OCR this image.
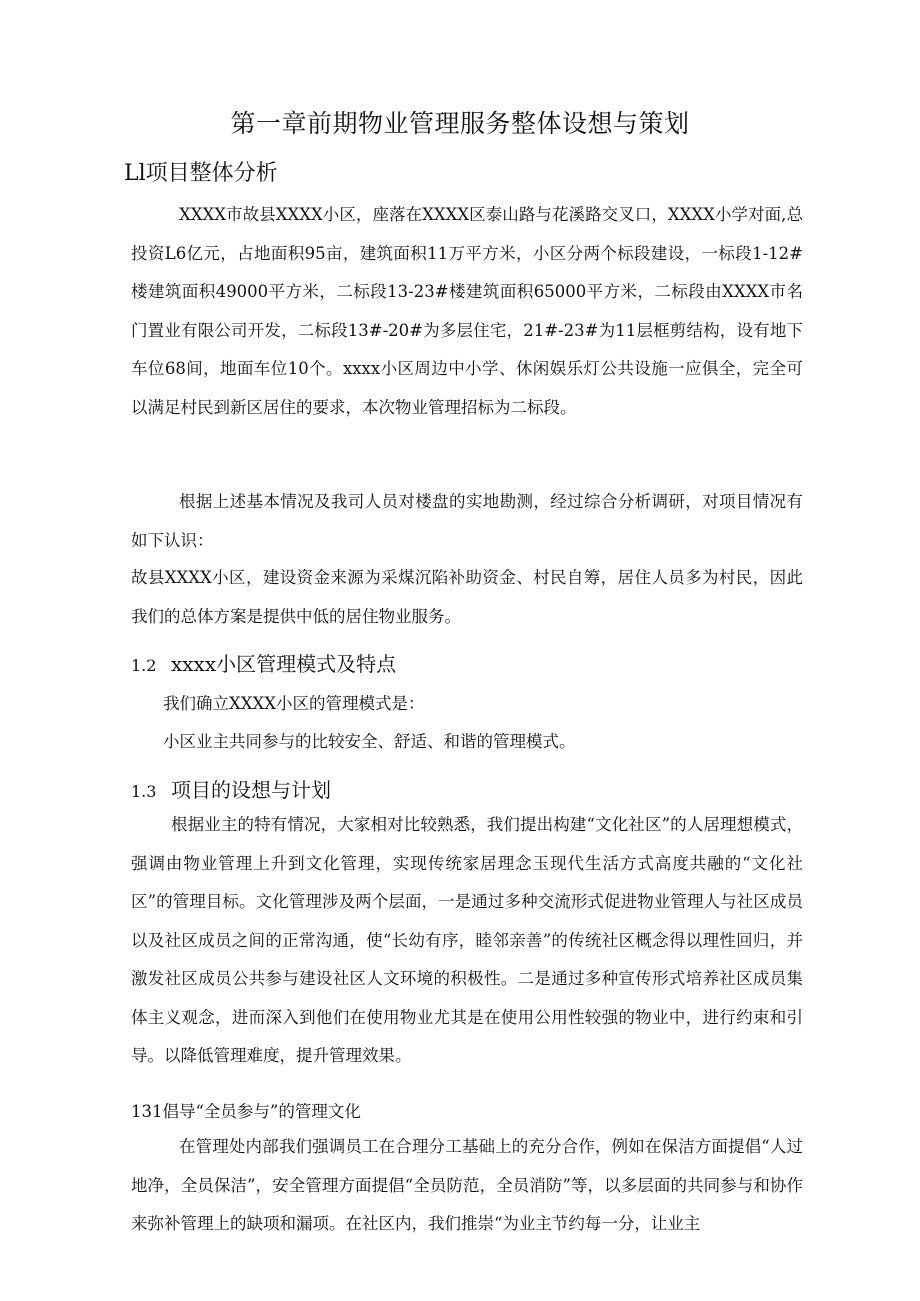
第一章前期物业管理服务整体设想与策划
Ll项目整体分析
XXXX市故县XXXX小区，座落在XXXX区泰山路与花溪路交叉口，XXXX小学对面,总投资L6亿元，占地面积95亩，建筑面积11万平方米，小区分两个标段建设，一标段1-12#楼建筑面积49000平方米，二标段13-23#楼建筑面积65000平方米，二标段由XXXX市名门置业有限公司开发，二标段13#-20#为多层住宅，21#-23#为11层框剪结构，设有地下车位68间，地面车位10个。xxxx小区周边中小学、休闲娱乐灯公共设施一应俱全，完全可以满足村民到新区居住的要求，本次物业管理招标为二标段。
根据上述基本情况及我司人员对楼盘的实地勘测，经过综合分析调研，对项目情况有如下认识：
故县XXXX小区，建设资金来源为采煤沉陷补助资金、村民自筹，居住人员多为村民，因此我们的总体方案是提供中低的居住物业服务。
1.2 xxxx小区管理模式及特点
我们确立XXXX小区的管理模式是：
小区业主共同参与的比较安全、舒适、和谐的管理模式。
1.3 项目的设想与计划
根据业主的特有情况，大家相对比较熟悉，我们提出构建“文化社区”的人居理想模式，强调由物业管理上升到文化管理，实现传统家居理念玉现代生活方式高度共融的“文化社区”的管理目标。文化管理涉及两个层面，一是通过多种交流形式促进物业管理人与社区成员以及社区成员之间的正常沟通，使“长幼有序，睦邻亲善”的传统社区概念得以理性回归，并激发社区成员公共参与建设社区人文环境的积极性。二是通过多种宣传形式培养社区成员集体主义观念，进而深入到他们在使用物业尤其是在使用公用性较强的物业中，进行约束和引导。以降低管理难度，提升管理效果。
131倡导“全员参与”的管理文化
在管理处内部我们强调员工在合理分工基础上的充分合作，例如在保洁方面提倡“人过地净，全员保洁”，安全管理方面提倡“全员防范，全员消防”等，以多层面的共同参与和协作来弥补管理上的缺项和漏项。在社区内，我们推崇“为业主节约每一分，让业主
